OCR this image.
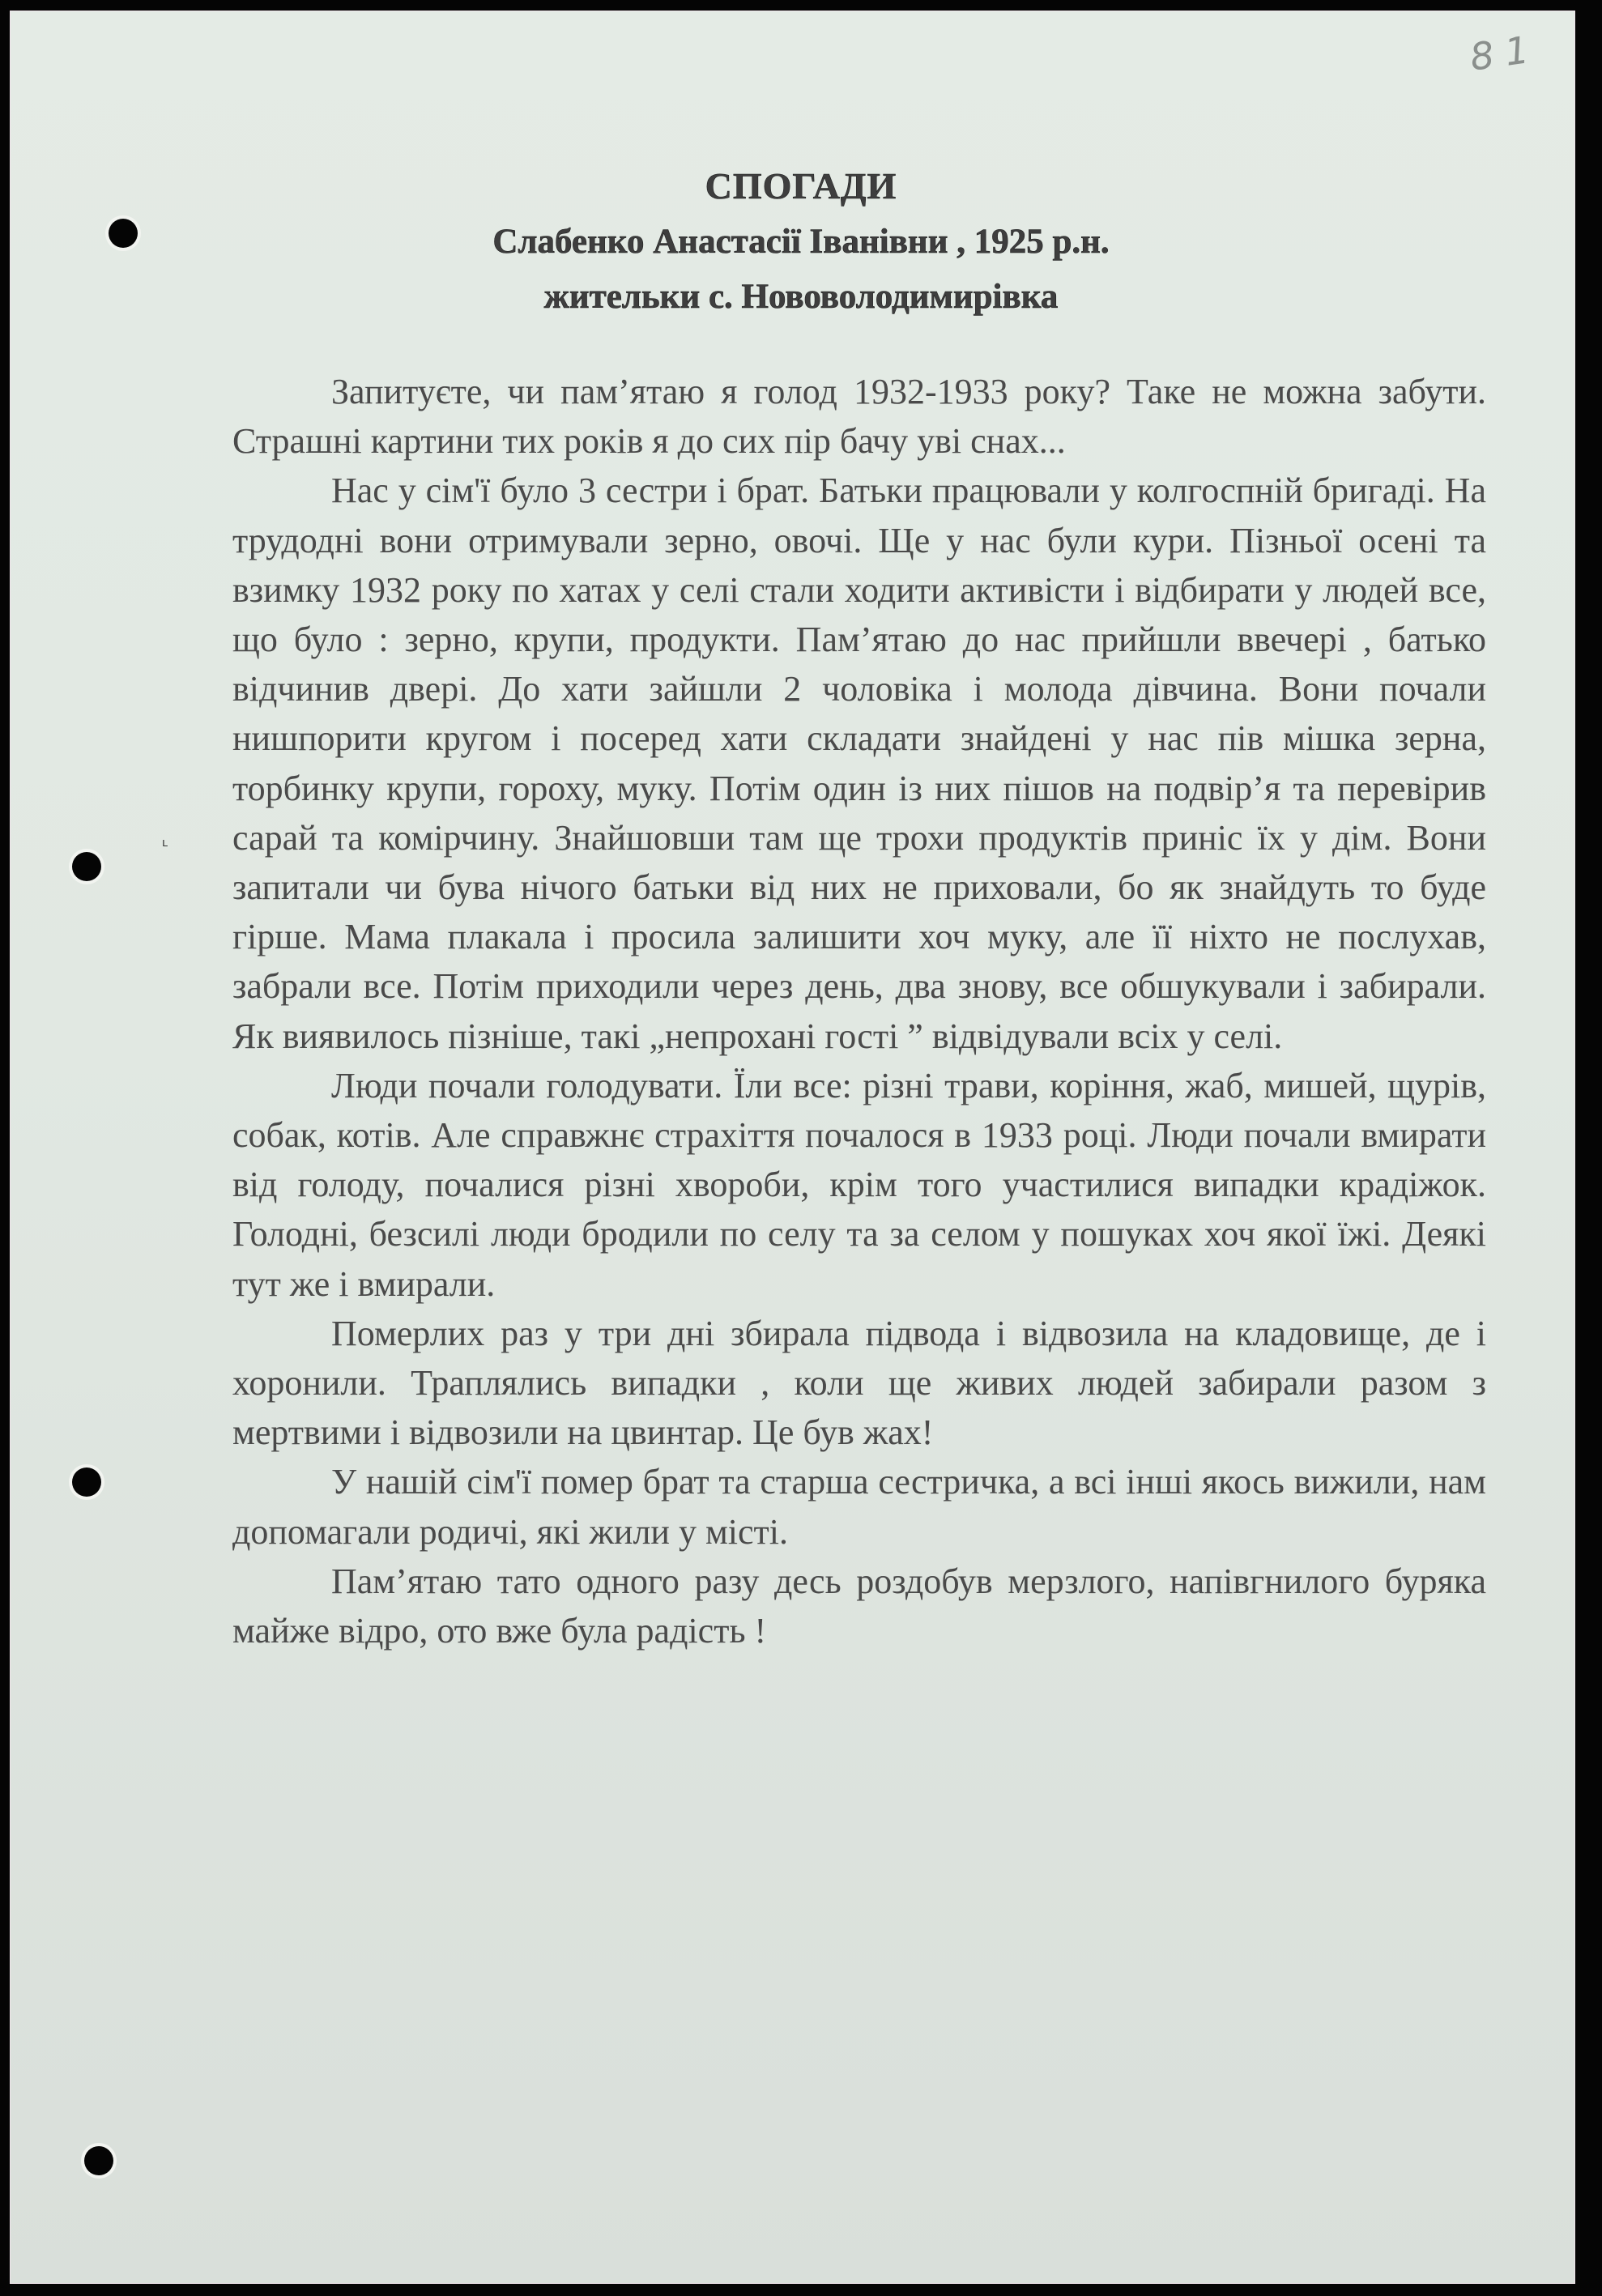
81
ʟ
СПОГАДИ
Слабенко Анастасії Іванівни , 1925 р.н.
жительки с. Нововолодимирівка

Запитуєте, чи пам’ятаю я голод 1932-1933 року? Таке не можна забути. Страшні картини тих років я до сих пір бачу уві снах...

Нас у сім'ї було 3 сестри і брат. Батьки працювали у колгоспній бригаді. На трудодні вони отримували зерно, овочі. Ще у нас були кури. Пізньої осені та взимку 1932 року по хатах у селі стали ходити активісти і відбирати у людей все, що було : зерно, крупи, продукти. Пам’ятаю до нас прийшли ввечері , батько відчинив двері. До хати зайшли 2 чоловіка і молода дівчина. Вони почали нишпорити кругом і посеред хати складати знайдені у нас пів мішка зерна, торбинку крупи, гороху, муку. Потім один із них пішов на подвір’я та перевірив сарай та комірчину. Знайшовши там ще трохи продуктів приніс їх у дім. Вони запитали чи бува нічого батьки від них не приховали, бо як знайдуть то буде гірше. Мама плакала і просила залишити хоч муку, але її ніхто не послухав, забрали все. Потім приходили через день, два знову, все обшукували і забирали. Як виявилось пізніше, такі „непрохані гості ” відвідували всіх у селі.

Люди почали голодувати. Їли все: різні трави, коріння, жаб, мишей, щурів, собак, котів. Але справжнє страхіття почалося в 1933 році. Люди почали вмирати від голоду, почалися різні хвороби, крім того участилися випадки крадіжок. Голодні, безсилі люди бродили по селу та за селом у пошуках хоч якої їжі. Деякі тут же і вмирали.

Померлих раз у три дні збирала підвода і відвозила на кладовище, де і хоронили. Траплялись випадки , коли ще живих людей забирали разом з мертвими і відвозили на цвинтар. Це був жах!

У нашій сім'ї помер брат та старша сестричка, а всі інші якось вижили, нам допомагали родичі, які жили у місті.

Пам’ятаю тато одного разу десь роздобув мерзлого, напівгнилого буряка майже відро, ото вже була радість !
